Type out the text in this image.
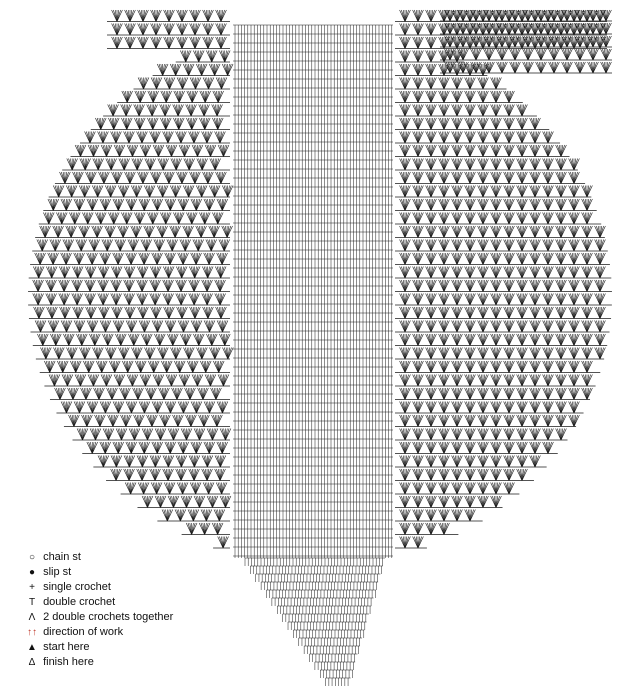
○ chain st
● slip st
+ single crochet
T double crochet
Λ 2 double crochets together
↑↑ direction of work
▲ start here
Δ finish here
